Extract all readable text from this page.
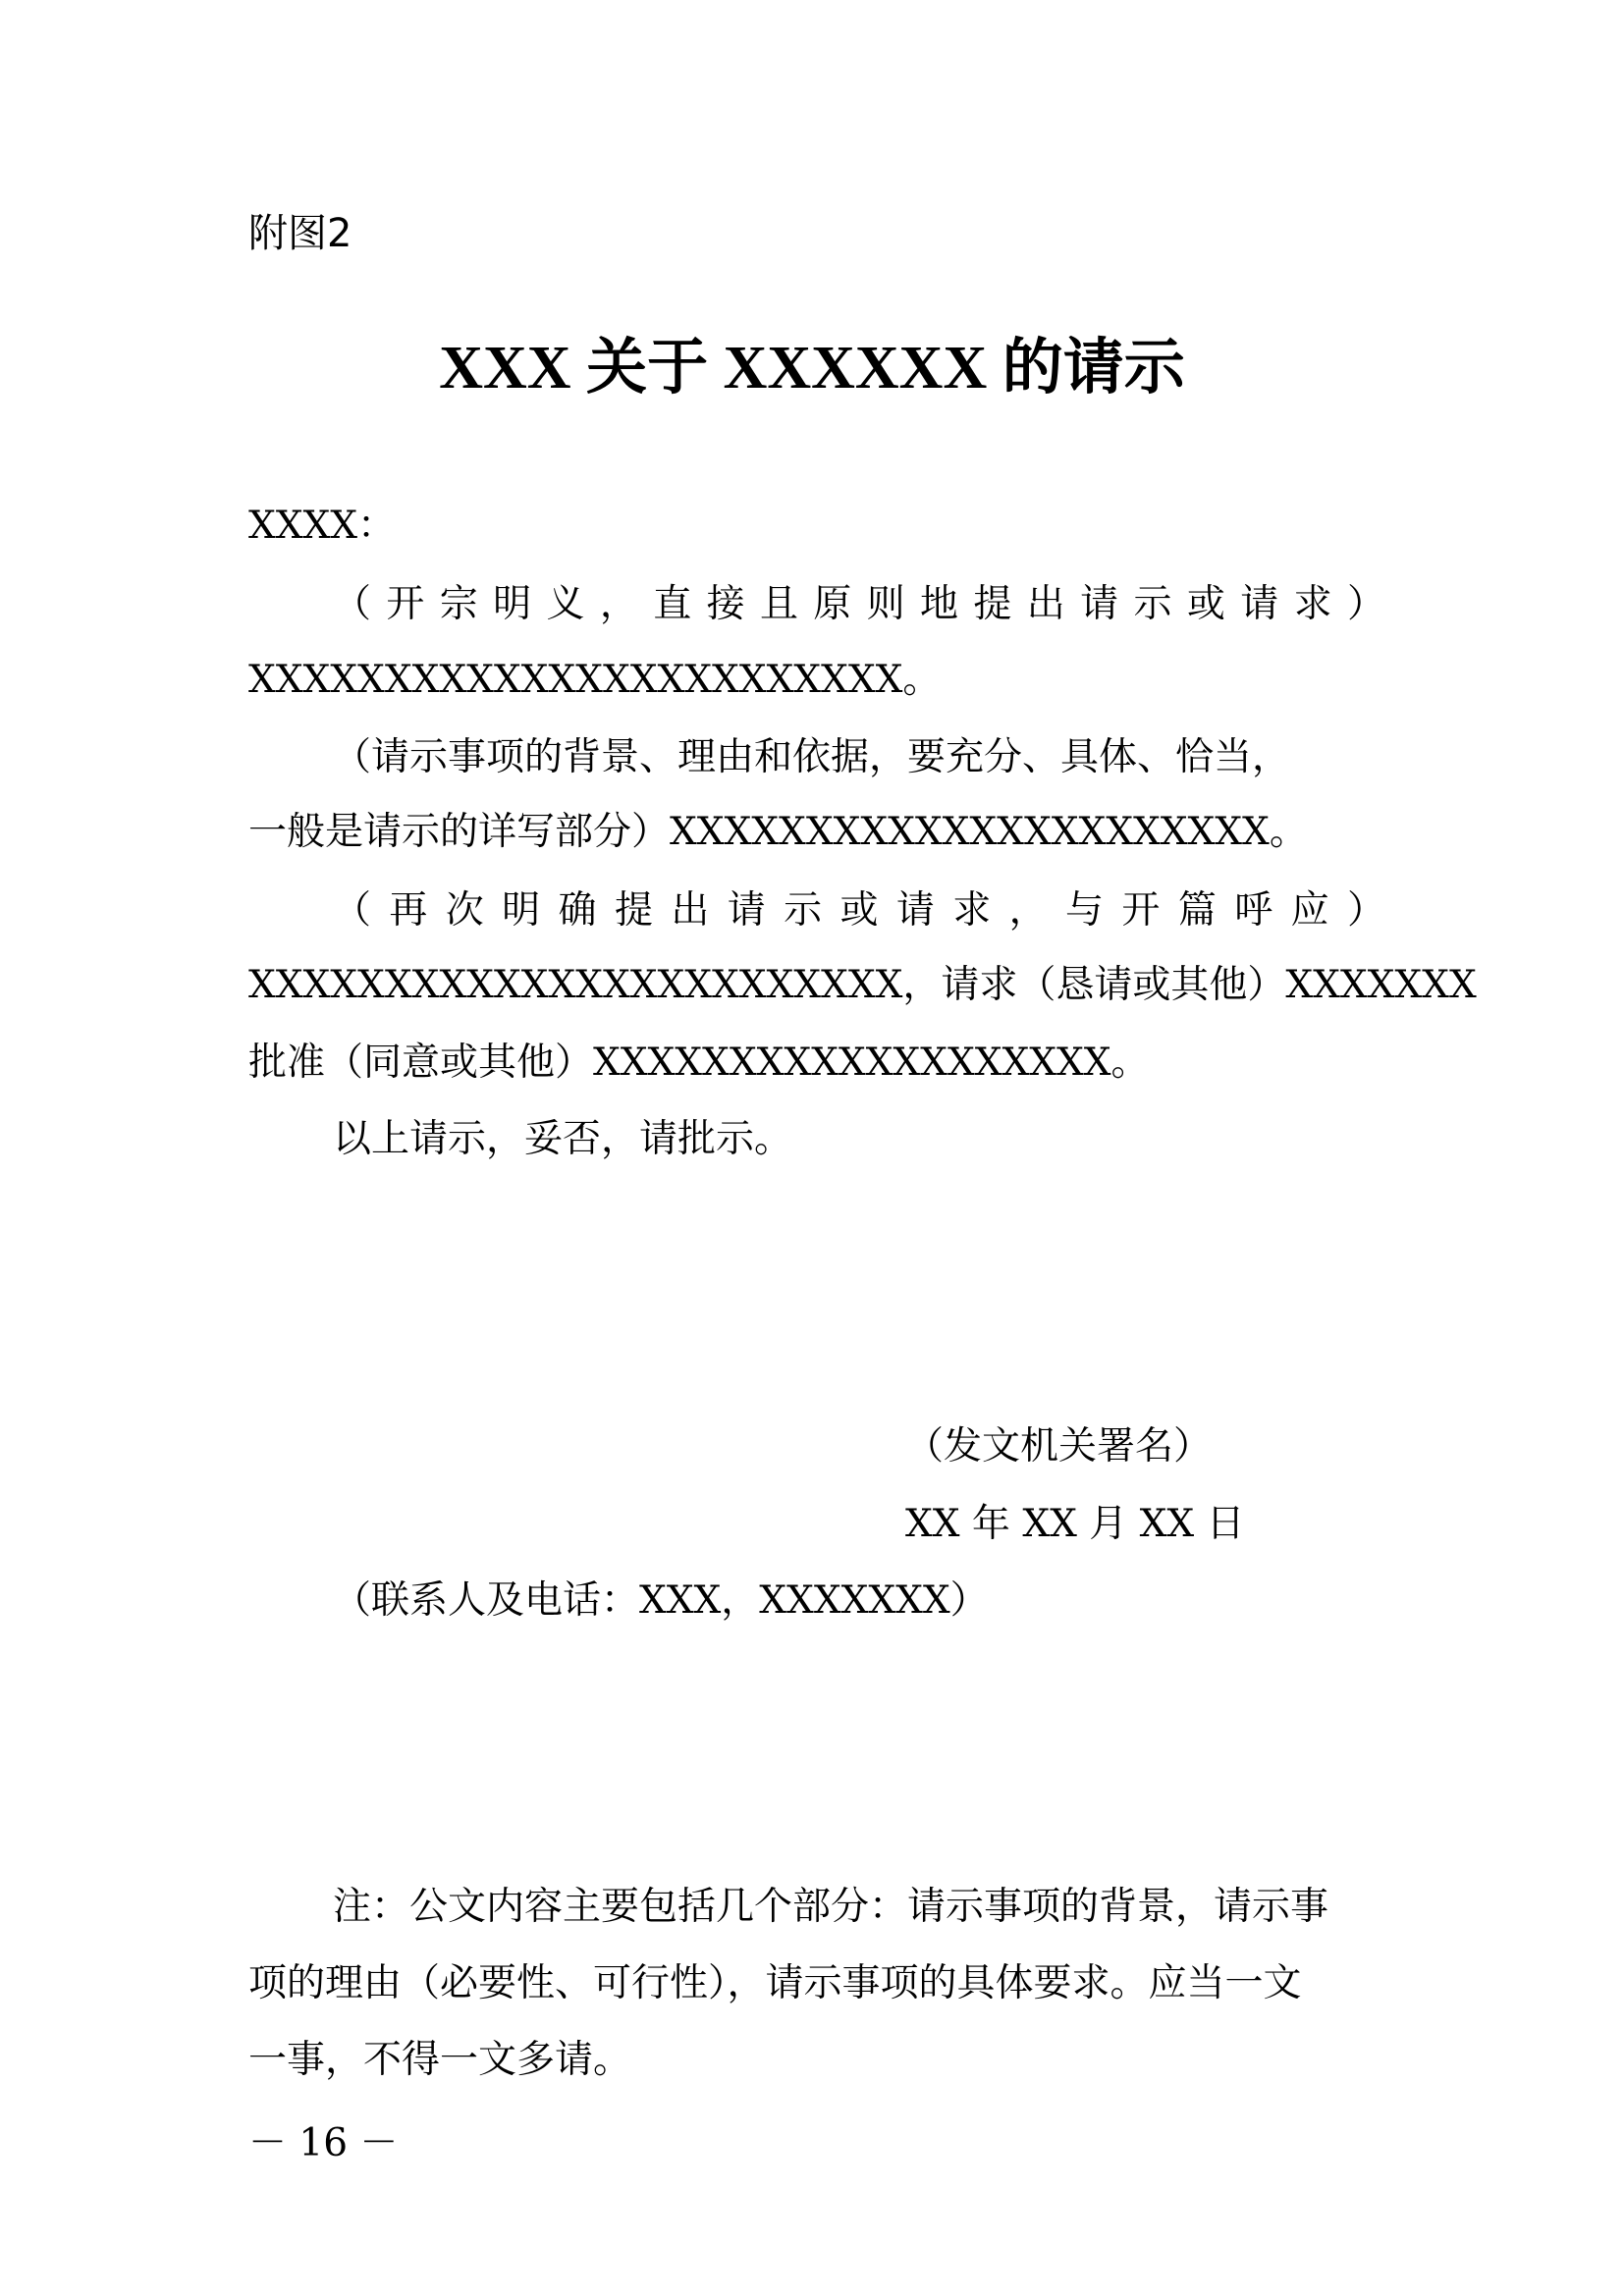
附图2
XXX 关于 XXXXXX 的请示
XXXX：
（开宗明义，直接且原则地提出请示或请求）
XXXXXXXXXXXXXXXXXXXXXXXX。
（请示事项的背景、理由和依据，要充分、具体、恰当，
一般是请示的详写部分）XXXXXXXXXXXXXXXXXXXXXX。
（再次明确提出请示或请求，与开篇呼应）
XXXXXXXXXXXXXXXXXXXXXXXX，请求（恳请或其他）XXXXXXX
批准（同意或其他）XXXXXXXXXXXXXXXXXXX。
以上请示，妥否，请批示。
（发文机关署名）
XX 年 XX 月 XX 日
（联系人及电话：XXX，XXXXXXX）
注：公文内容主要包括几个部分：请示事项的背景，请示事
项的理由（必要性、可行性），请示事项的具体要求。应当一文
一事，不得一文多请。
－ 16 －
